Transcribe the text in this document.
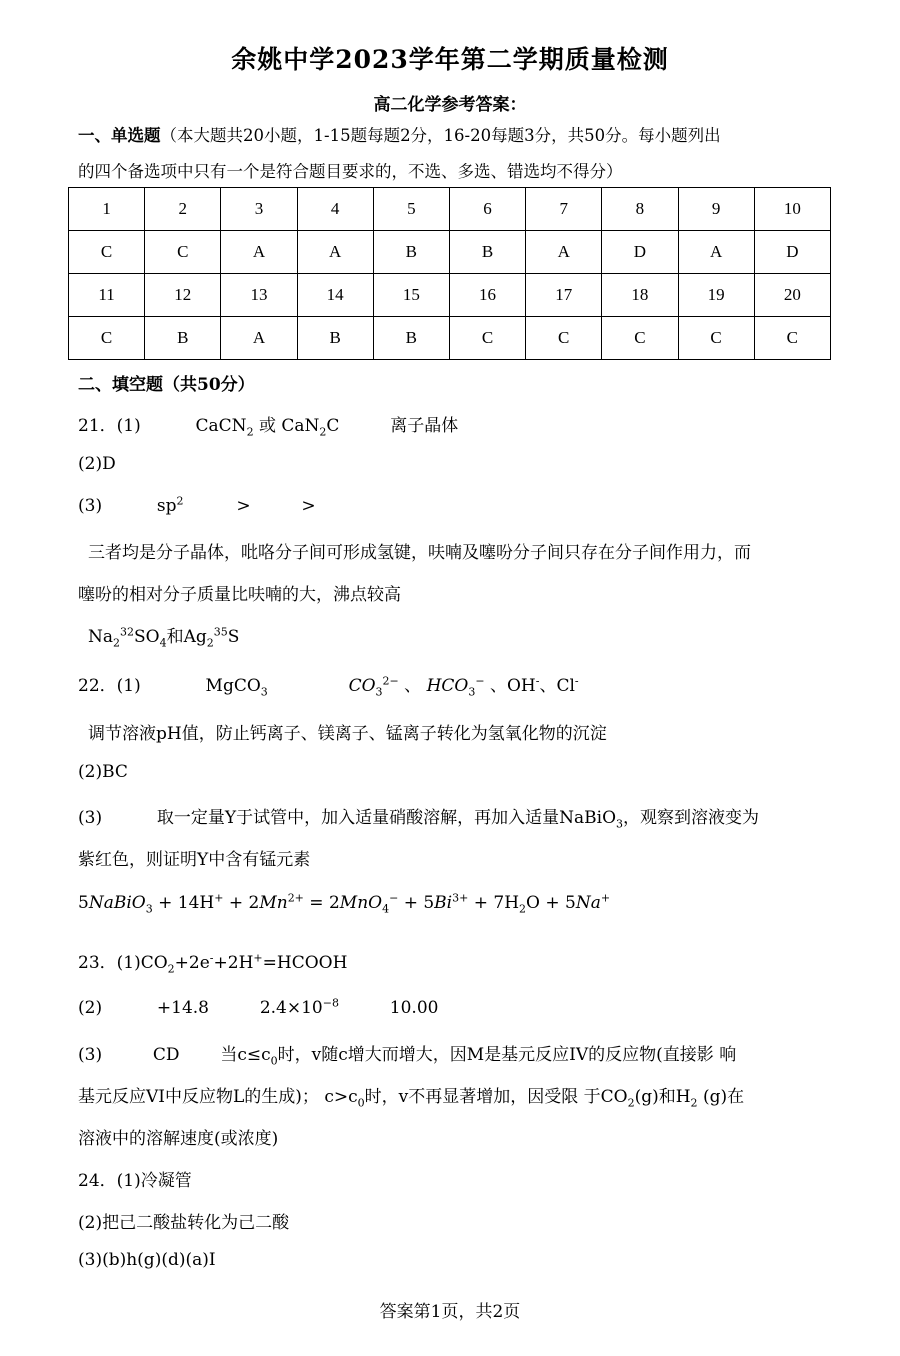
余姚中学2023学年第二学期质量检测
高二化学参考答案：
一、单选题（本大题共20小题，1-15题每题2分，16-20每题3分，共50分。每小题列出
的四个备选项中只有一个是符合题目要求的，不选、多选、错选均不得分）
1	2	3	4	5	6	7	8	9	10
C	C	A	A	B	B	A	D	A	D
11	12	13	14	15	16	17	18	19	20
C	B	A	B	B	C	C	C	C	C
二、填空题（共50分）
21．(1)	CaCN$_2$ 或 CaN$_2$C	离子晶体
(2)D
(3)	$sp^2$	>	>
三者均是分子晶体，吡咯分子间可形成氢键，呋喃及噻吩分子间只存在分子间作用力，而
噻吩的相对分子质量比呋喃的大，沸点较高
$Na_2^{32}SO_4$和$Ag_2^{35}S$
22．(1)	MgCO$_3$	$CO_3^{2-}$ 、 $HCO_3^-$ 、OH-、Cl-
调节溶液pH值，防止钙离子、镁离子、锰离子转化为氢氧化物的沉淀
(2)BC
(3)	取一定量Y于试管中，加入适量硝酸溶解，再加入适量NaBiO$_3$，观察到溶液变为
紫红色，则证明Y中含有锰元素
5NaBiO$_3$ + $14H^+ + 2Mn^{2+} = 2MnO_4^- + 5Bi^{3+} + 7H_2O + 5Na^+$
23．$(1)CO_2+2e^-+2H^+=HCOOH$
(2)	+14.8	$2.4\times 10^{-8}$	10.00
(3)	CD 当$c\le c_0$时，v随c增大而增大，因M是基元反应IV的反应物(直接影 响
基元反应VI中反应物L的生成)； $c>c_0$时，v不再显著增加，因受限 于$CO_2(g)$和$H_2$ (g)在
溶液中的溶解速度(或浓度)
24．(1)冷凝管
(2)把己二酸盐转化为己二酸
(3)(b)h(g)(d)(a)I
答案第1页，共2页
